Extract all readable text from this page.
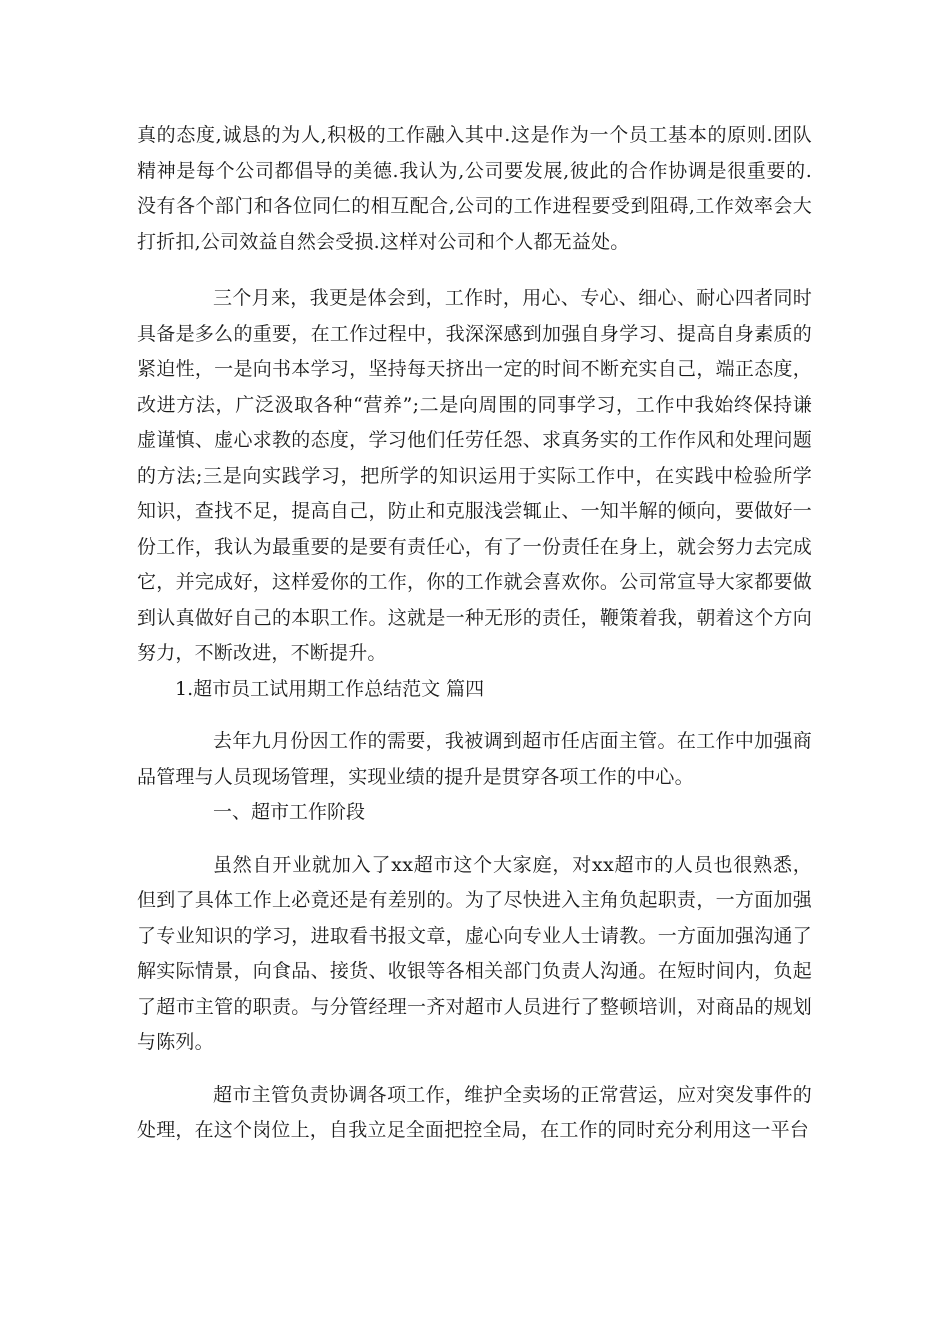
真的态度,诚恳的为人,积极的工作融入其中.这是作为一个员工基本的原则.团队精神是每个公司都倡导的美德.我认为,公司要发展,彼此的合作协调是很重要的.没有各个部门和各位同仁的相互配合,公司的工作进程要受到阻碍,工作效率会大打折扣,公司效益自然会受损.这样对公司和个人都无益处。

三个月来，我更是体会到，工作时，用心、专心、细心、耐心四者同时具备是多么的重要，在工作过程中，我深深感到加强自身学习、提高自身素质的紧迫性，一是向书本学习，坚持每天挤出一定的时间不断充实自己，端正态度，改进方法，广泛汲取各种“营养”;二是向周围的同事学习，工作中我始终保持谦虚谨慎、虚心求教的态度，学习他们任劳任怨、求真务实的工作作风和处理问题的方法;三是向实践学习，把所学的知识运用于实际工作中，在实践中检验所学知识，查找不足，提高自己，防止和克服浅尝辄止、一知半解的倾向，要做好一份工作，我认为最重要的是要有责任心，有了一份责任在身上，就会努力去完成它，并完成好，这样爱你的工作，你的工作就会喜欢你。公司常宣导大家都要做到认真做好自己的本职工作。这就是一种无形的责任，鞭策着我，朝着这个方向努力，不断改进，不断提升。

1.超市员工试用期工作总结范文 篇四

去年九月份因工作的需要，我被调到超市任店面主管。在工作中加强商品管理与人员现场管理，实现业绩的提升是贯穿各项工作的中心。

一、超市工作阶段

虽然自开业就加入了xx超市这个大家庭，对xx超市的人员也很熟悉，但到了具体工作上必竟还是有差别的。为了尽快进入主角负起职责，一方面加强了专业知识的学习，进取看书报文章，虚心向专业人士请教。一方面加强沟通了解实际情景，向食品、接货、收银等各相关部门负责人沟通。在短时间内，负起了超市主管的职责。与分管经理一齐对超市人员进行了整顿培训，对商品的规划与陈列。

超市主管负责协调各项工作，维护全卖场的正常营运，应对突发事件的处理，在这个岗位上，自我立足全面把控全局，在工作的同时充分利用这一平台
